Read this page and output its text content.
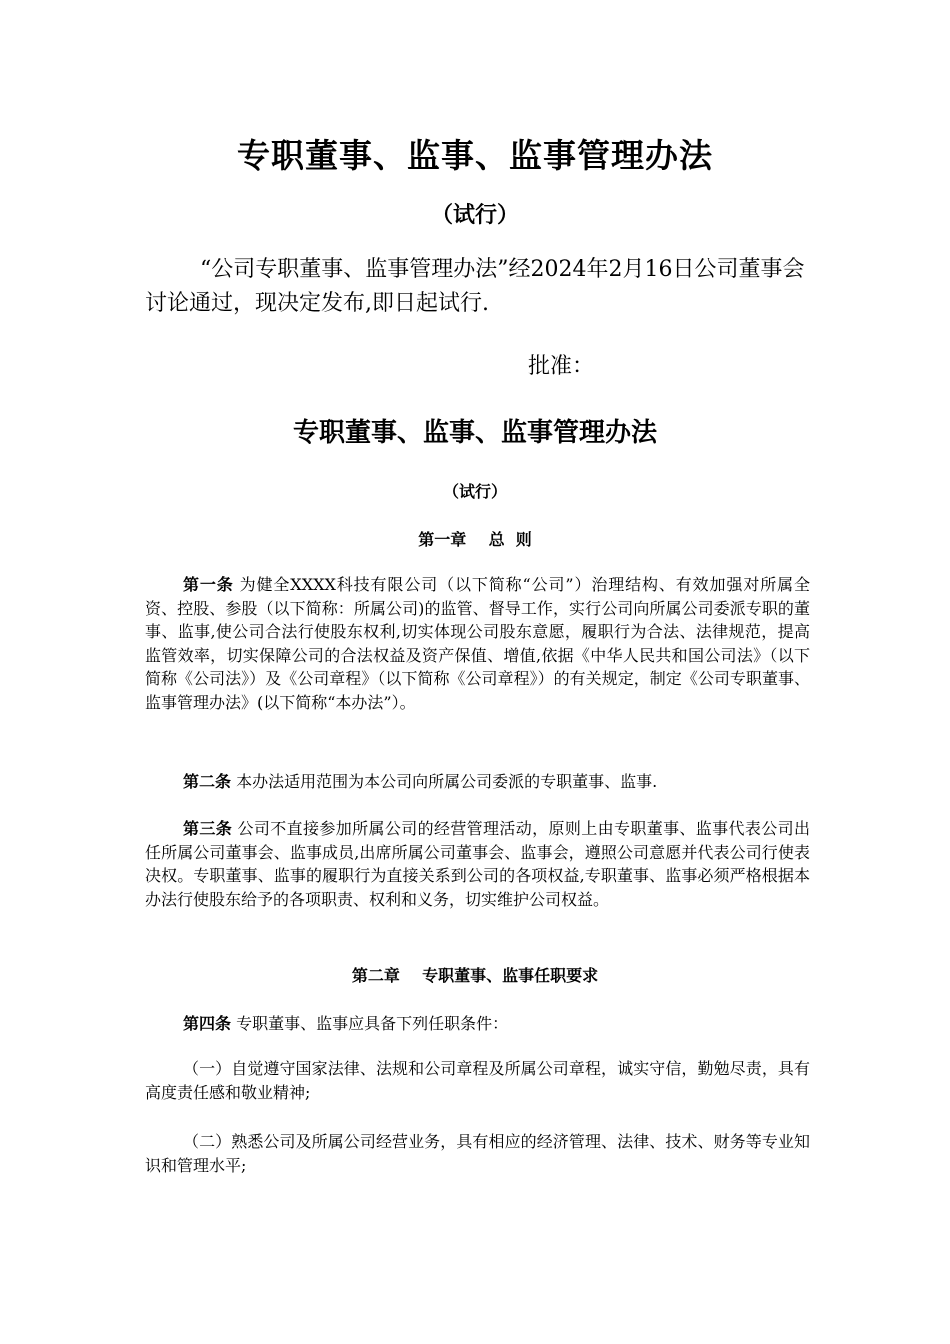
专职董事、监事、监事管理办法
（试行）
“公司专职董事、监事管理办法”经2024年2月16日公司董事会讨论通过，现决定发布,即日起试行.
批准：
专职董事、监事、监事管理办法
（试行）
第一章    总  则
第一条 为健全XXXX科技有限公司（以下简称“公司”）治理结构、有效加强对所属全资、控股、参股（以下简称：所属公司)的监管、督导工作，实行公司向所属公司委派专职的董事、监事,使公司合法行使股东权利,切实体现公司股东意愿，履职行为合法、法律规范，提高监管效率，切实保障公司的合法权益及资产保值、增值,依据《中华人民共和国公司法》（以下简称《公司法》）及《公司章程》（以下简称《公司章程》）的有关规定，制定《公司专职董事、监事管理办法》(以下简称“本办法”）。
第二条 本办法适用范围为本公司向所属公司委派的专职董事、监事.
第三条 公司不直接参加所属公司的经营管理活动，原则上由专职董事、监事代表公司出任所属公司董事会、监事成员,出席所属公司董事会、监事会，遵照公司意愿并代表公司行使表决权。专职董事、监事的履职行为直接关系到公司的各项权益,专职董事、监事必须严格根据本办法行使股东给予的各项职责、权利和义务，切实维护公司权益。
第二章    专职董事、监事任职要求
第四条 专职董事、监事应具备下列任职条件：
（一）自觉遵守国家法律、法规和公司章程及所属公司章程，诚实守信，勤勉尽责，具有高度责任感和敬业精神;
（二）熟悉公司及所属公司经营业务，具有相应的经济管理、法律、技术、财务等专业知识和管理水平;
